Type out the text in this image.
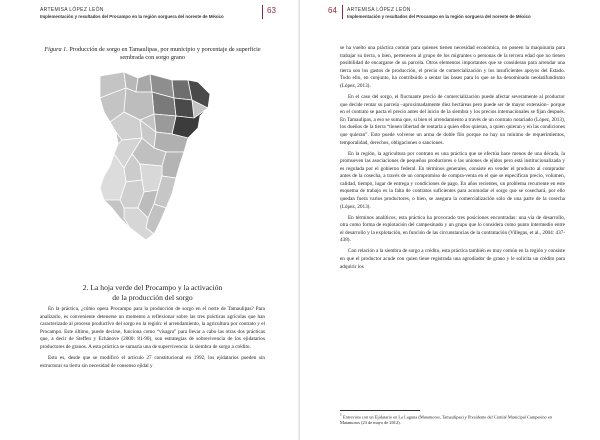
ARTEMISA LÓPEZ LEÓN
Implementación y resultados del Procampo en la región sorguera del noreste de México
63
Figura 1. Producción de sorgo en Tamaulipas, por municipio y porcentaje de superficie sembrada con sorgo grano
2. La hoja verde del Procampo y la activación
de la producción del sorgo

En la práctica, ¿cómo opera Procampo para la producción de sorgo en el norte de Tamaulipas? Para analizarlo, es conveniente detenerse un momento a reflexionar sobre las tres prácticas agrícolas que han caracterizado al proceso productivo del sorgo en la región: el arrendamiento, la agricultura por contrato y el Procampo. Este último, puede decirse, funciona como “visagra” para llevar a cabo las otras dos prácticas que, a decir de Steffen y Echánove (2000: 81-90), son estrategias de sobrevivencia de los ejidatarios productores de granos. A esta práctica se sumaría una de supervivencia: la siembra de sorgo a crédito.

Esto es, desde que se modificó el artículo 27 constitucional en 1992, los ejidatarios pueden sin estructurar su tierra sin necesidad de consenso ejidal y

64 ARTEMISA LÓPEZ LEÓN
Implementación y resultados del Procampo en la región sorguera del noreste de México

se ha vuelto una práctica común para quienes tienen necesidad económica, no poseen la maquinaria para trabajar su tierra, o bien, pertenecen al grupo de los migrantes o personas de la tercera edad que no tienen posibilidad de encargarse de su parcela. Otros elementos importantes que se consideran para arrendar una tierra son los gastos de producción, el precio de comercialización y los insuficientes apoyos del Estado. Todo ello, en conjunto, ha contribuido a sentar las bases para lo que se ha denominado neolatifundismo (López, 2013).

En el caso del sorgo, el fluctuante precio de comercialización puede afectar severamente al productor que decide rentar su parcela –aproximadamente diez hectáreas pero puede ser de mayor extensión– porque en el contrato se pacta el precio antes del inicio de la siembra y los precios internacionales se fijan después. En Tamaulipas, a eso se suma que, si bien el arrendamiento a través de un contrato notariado (López, 2013), los dueños de la tierra “tienen libertad de rentarla a quien ellos quieran, a quien quieran y en las condiciones que quieran”. Esto puede volverse un arma de doble filo porque no hay un mínimo de requerimientos, temporalidad, derechos, obligaciones o sanciones.

En la región, la agricultura por contrato es una práctica que se efectúa hace menos de una década, la promueven las asociaciones de pequeños productores o las uniones de ejidos pero está institucionalizada y es regulada por el gobierno federal. En términos generales, consiste en vender el producto al comprador antes de la cosecha, a través de un compromiso de compra-venta en el que se especifican precio, volumen, calidad, tiempo, lugar de entrega y condiciones de pago. En años recientes, un problema recurrente en este esquema de trabajo es la falta de contratos suficientes para acomodar el sorgo que se cosechará, por ello quedan fuera varios productores, o bien, se asegura la comercialización sólo de una parte de la cosecha (López, 2013).

En términos analíticos, esta práctica ha provocado tres posiciones encontradas: una vía de desarrollo, otra como forma de explotación del campesinado y un grupo que lo considera como punto intermedio entre el desarrollo y la explotación, en función de las circunstancias de la contratación (Villegas, et al., 2004: 437-438).

Con relación a la siembra de sorgo a crédito, esta práctica también es muy común en la región y consiste en que el productor acude con quien tiene registrada una agrodiador de grano y le solicita un crédito para adquirir los

$^1$ Entrevista con un Ejidatario en La Laguna (Matamoros, Tamaulipas) y Presidente del Comité Municipal Campesino en Matamoros (23 de mayo de 2012).
